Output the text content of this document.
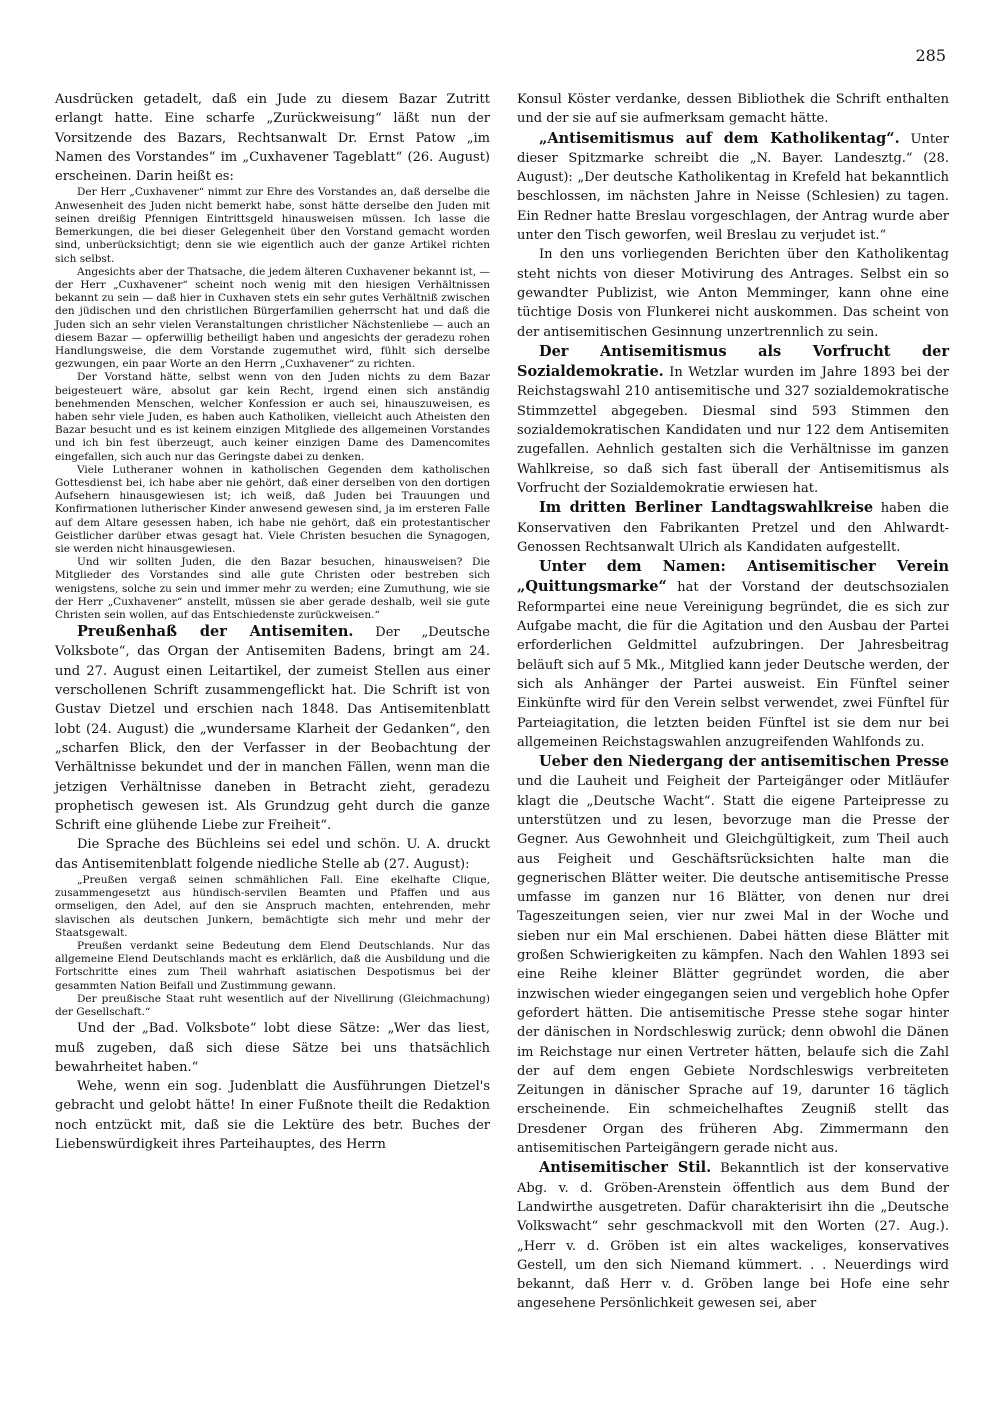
285

Ausdrücken getadelt, daß ein Jude zu diesem Bazar Zutritt erlangt hatte. Eine scharfe „Zurückweisung“ läßt nun der Vorsitzende des Bazars, Rechtsanwalt Dr. Ernst Patow „im Namen des Vorstandes“ im „Cuxhavener Tageblatt“ (26. August) erscheinen. Darin heißt es:

Der Herr „Cuxhavener“ nimmt zur Ehre des Vorstandes an, daß derselbe die Anwesenheit des Juden nicht bemerkt habe, sonst hätte derselbe den Juden mit seinen dreißig Pfennigen Eintrittsgeld hinausweisen müssen. Ich lasse die Bemerkungen, die bei dieser Gelegenheit über den Vorstand gemacht worden sind, unberücksichtigt; denn sie wie eigentlich auch der ganze Artikel richten sich selbst.

Angesichts aber der Thatsache, die jedem älteren Cuxhavener bekannt ist, — der Herr „Cuxhavener“ scheint noch wenig mit den hiesigen Verhältnissen bekannt zu sein — daß hier in Cuxhaven stets ein sehr gutes Verhältniß zwischen den jüdischen und den christlichen Bürgerfamilien geherrscht hat und daß die Juden sich an sehr vielen Veranstaltungen christlicher Nächstenliebe — auch an diesem Bazar — opferwillig betheiligt haben und angesichts der geradezu rohen Handlungsweise, die dem Vorstande zugemuthet wird, fühlt sich derselbe gezwungen, ein paar Worte an den Herrn „Cuxhavener“ zu richten.

Der Vorstand hätte, selbst wenn von den Juden nichts zu dem Bazar beigesteuert wäre, absolut gar kein Recht, irgend einen sich anständig benehmenden Menschen, welcher Konfession er auch sei, hinauszuweisen, es haben sehr viele Juden, es haben auch Katholiken, vielleicht auch Atheisten den Bazar besucht und es ist keinem einzigen Mitgliede des allgemeinen Vorstandes und ich bin fest überzeugt, auch keiner einzigen Dame des Damencomites eingefallen, sich auch nur das Geringste dabei zu denken.

Viele Lutheraner wohnen in katholischen Gegenden dem katholischen Gottesdienst bei, ich habe aber nie gehört, daß einer derselben von den dortigen Aufsehern hinausgewiesen ist; ich weiß, daß Juden bei Trauungen und Konfirmationen lutherischer Kinder anwesend gewesen sind, ja im ersteren Falle auf dem Altare gesessen haben, ich habe nie gehört, daß ein protestantischer Geistlicher darüber etwas gesagt hat. Viele Christen besuchen die Synagogen, sie werden nicht hinausgewiesen.

Und wir sollten Juden, die den Bazar besuchen, hinausweisen? Die Mitglieder des Vorstandes sind alle gute Christen oder bestreben sich wenigstens, solche zu sein und immer mehr zu werden; eine Zumuthung, wie sie der Herr „Cuxhavener“ anstellt, müssen sie aber gerade deshalb, weil sie gute Christen sein wollen, auf das Entschiedenste zurückweisen.“

Preußenhaß der Antisemiten. Der „Deutsche Volksbote“, das Organ der Antisemiten Badens, bringt am 24. und 27. August einen Leitartikel, der zumeist Stellen aus einer verschollenen Schrift zusammengeflickt hat. Die Schrift ist von Gustav Dietzel und erschien nach 1848. Das Antisemitenblatt lobt (24. August) die „wundersame Klarheit der Gedanken“, den „scharfen Blick, den der Verfasser in der Beobachtung der Verhältnisse bekundet und der in manchen Fällen, wenn man die jetzigen Verhältnisse daneben in Betracht zieht, geradezu prophetisch gewesen ist. Als Grundzug geht durch die ganze Schrift eine glühende Liebe zur Freiheit“.

Die Sprache des Büchleins sei edel und schön. U. A. druckt das Antisemitenblatt folgende niedliche Stelle ab (27. August):

„Preußen vergaß seinen schmählichen Fall. Eine ekelhafte Clique, zusammengesetzt aus hündisch-servilen Beamten und Pfaffen und aus ormseligen, den Adel, auf den sie Anspruch machten, entehrenden, mehr slavischen als deutschen Junkern, bemächtigte sich mehr und mehr der Staatsgewalt.

Preußen verdankt seine Bedeutung dem Elend Deutschlands. Nur das allgemeine Elend Deutschlands macht es erklärlich, daß die Ausbildung und die Fortschritte eines zum Theil wahrhaft asiatischen Despotismus bei der gesammten Nation Beifall und Zustimmung gewann.

Der preußische Staat ruht wesentlich auf der Nivellirung (Gleichmachung) der Gesellschaft.“

Und der „Bad. Volksbote“ lobt diese Sätze: „Wer das liest, muß zugeben, daß sich diese Sätze bei uns thatsächlich bewahrheitet haben.“

Wehe, wenn ein sog. Judenblatt die Ausführungen Dietzel's gebracht und gelobt hätte! In einer Fußnote theilt die Redaktion noch entzückt mit, daß sie die Lektüre des betr. Buches der Liebenswürdigkeit ihres Parteihauptes, des Herrn

Konsul Köster verdanke, dessen Bibliothek die Schrift enthalten und der sie auf sie aufmerksam gemacht hätte.

„Antisemitismus auf dem Katholikentag“. Unter dieser Spitzmarke schreibt die „N. Bayer. Landesztg.“ (28. August): „Der deutsche Katholikentag in Krefeld hat bekanntlich beschlossen, im nächsten Jahre in Neisse (Schlesien) zu tagen. Ein Redner hatte Breslau vorgeschlagen, der Antrag wurde aber unter den Tisch geworfen, weil Breslau zu verjudet ist.“

In den uns vorliegenden Berichten über den Katholikentag steht nichts von dieser Motivirung des Antrages. Selbst ein so gewandter Publizist, wie Anton Memminger, kann ohne eine tüchtige Dosis von Flunkerei nicht auskommen. Das scheint von der antisemitischen Gesinnung unzertrennlich zu sein.

Der Antisemitismus als Vorfrucht der Sozialdemokratie. In Wetzlar wurden im Jahre 1893 bei der Reichstagswahl 210 antisemitische und 327 sozialdemokratische Stimmzettel abgegeben. Diesmal sind 593 Stimmen den sozialdemokratischen Kandidaten und nur 122 dem Antisemiten zugefallen. Aehnlich gestalten sich die Verhältnisse im ganzen Wahlkreise, so daß sich fast überall der Antisemitismus als Vorfrucht der Sozialdemokratie erwiesen hat.

Im dritten Berliner Landtagswahlkreise haben die Konservativen den Fabrikanten Pretzel und den Ahlwardt-Genossen Rechtsanwalt Ulrich als Kandidaten aufgestellt.

Unter dem Namen: Antisemitischer Verein „Quittungsmarke“ hat der Vorstand der deutschsozialen Reformpartei eine neue Vereinigung begründet, die es sich zur Aufgabe macht, die für die Agitation und den Ausbau der Partei erforderlichen Geldmittel aufzubringen. Der Jahresbeitrag beläuft sich auf 5 Mk., Mitglied kann jeder Deutsche werden, der sich als Anhänger der Partei ausweist. Ein Fünftel seiner Einkünfte wird für den Verein selbst verwendet, zwei Fünftel für Parteiagitation, die letzten beiden Fünftel ist sie dem nur bei allgemeinen Reichstagswahlen anzugreifenden Wahlfonds zu.

Ueber den Niedergang der antisemitischen Presse und die Lauheit und Feigheit der Parteigänger oder Mitläufer klagt die „Deutsche Wacht“. Statt die eigene Parteipresse zu unterstützen und zu lesen, bevorzuge man die Presse der Gegner. Aus Gewohnheit und Gleichgültigkeit, zum Theil auch aus Feigheit und Geschäftsrücksichten halte man die gegnerischen Blätter weiter. Die deutsche antisemitische Presse umfasse im ganzen nur 16 Blätter, von denen nur drei Tageszeitungen seien, vier nur zwei Mal in der Woche und sieben nur ein Mal erschienen. Dabei hätten diese Blätter mit großen Schwierigkeiten zu kämpfen. Nach den Wahlen 1893 sei eine Reihe kleiner Blätter gegründet worden, die aber inzwischen wieder eingegangen seien und vergeblich hohe Opfer gefordert hätten. Die antisemitische Presse stehe sogar hinter der dänischen in Nordschleswig zurück; denn obwohl die Dänen im Reichstage nur einen Vertreter hätten, belaufe sich die Zahl der auf dem engen Gebiete Nordschleswigs verbreiteten Zeitungen in dänischer Sprache auf 19, darunter 16 täglich erscheinende. Ein schmeichelhaftes Zeugniß stellt das Dresdener Organ des früheren Abg. Zimmermann den antisemitischen Parteigängern gerade nicht aus.

Antisemitischer Stil. Bekanntlich ist der konservative Abg. v. d. Gröben-Arenstein öffentlich aus dem Bund der Landwirthe ausgetreten. Dafür charakterisirt ihn die „Deutsche Volkswacht“ sehr geschmackvoll mit den Worten (27. Aug.). „Herr v. d. Gröben ist ein altes wackeliges, konservatives Gestell, um den sich Niemand kümmert. . . Neuerdings wird bekannt, daß Herr v. d. Gröben lange bei Hofe eine sehr angesehene Persönlichkeit gewesen sei, aber
